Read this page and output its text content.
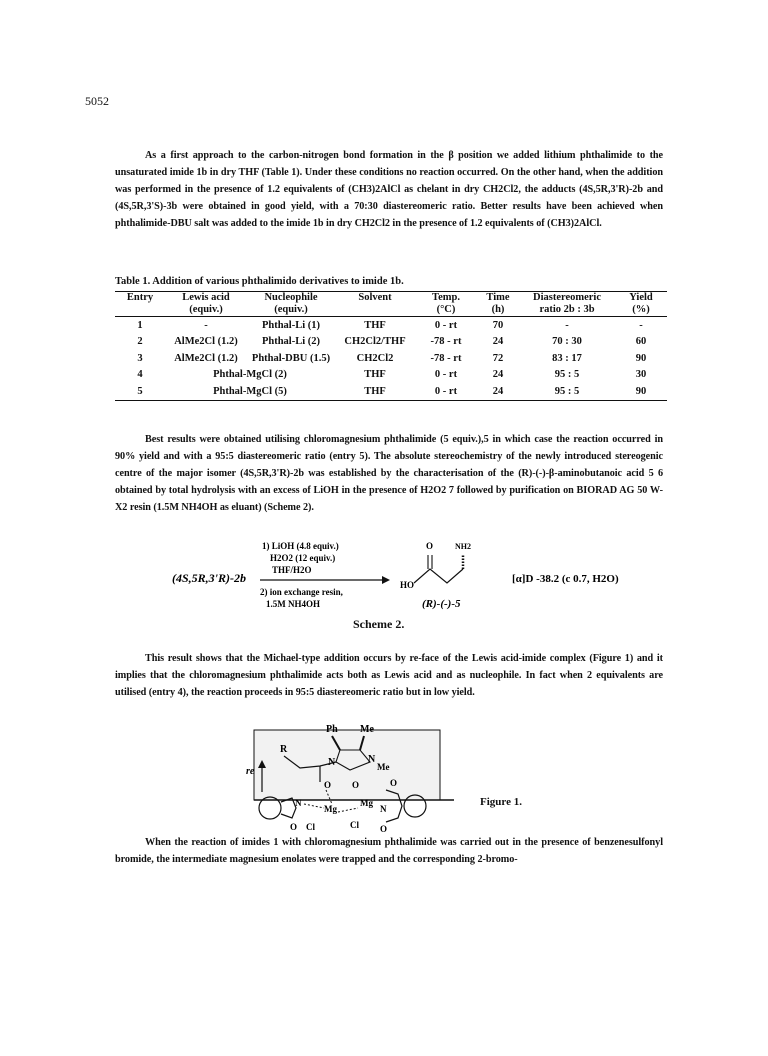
5052

As a first approach to the carbon-nitrogen bond formation in the β position we added lithium phthalimide to the unsaturated imide 1b in dry THF (Table 1). Under these conditions no reaction occurred. On the other hand, when the addition was performed in the presence of 1.2 equivalents of (CH3)2AlCl as chelant in dry CH2Cl2, the adducts (4S,5R,3'R)-2b and (4S,5R,3'S)-3b were obtained in good yield, with a 70:30 diastereomeric ratio. Better results have been achieved when phthalimide-DBU salt was added to the imide 1b in dry CH2Cl2 in the presence of 1.2 equivalents of (CH3)2AlCl.

Table 1. Addition of various phthalimido derivatives to imide 1b.
Entry	Lewis acid	Nucleophile	Solvent	Temp.	Time	Diastereomeric	Yield
	(equiv.)	(equiv.)		(°C)	(h)	ratio 2b : 3b	(%)
1	-	Phthal-Li (1)	THF	0 - rt	70	-	-
2	AlMe2Cl (1.2)	Phthal-Li (2)	CH2Cl2/THF	-78 - rt	24	70 : 30	60
3	AlMe2Cl (1.2)	Phthal-DBU (1.5)	CH2Cl2	-78 - rt	72	83 : 17	90
4	Phthal-MgCl (2)		THF	0 - rt	24	95 : 5	30
5	Phthal-MgCl (5)		THF	0 - rt	24	95 : 5	90

Best results were obtained utilising chloromagnesium phthalimide (5 equiv.),5 in which case the reaction occurred in 90% yield and with a 95:5 diastereomeric ratio (entry 5). The absolute stereochemistry of the newly introduced stereogenic centre of the major isomer (4S,5R,3'R)-2b was established by the characterisation of the (R)-(-)-β-aminobutanoic acid 5 6 obtained by total hydrolysis with an excess of LiOH in the presence of H2O2 7 followed by purification on BIORAD AG 50 W-X2 resin (1.5M NH4OH as eluant) (Scheme 2).

(4S,5R,3'R)-2b
1) LiOH (4.8 equiv.)
H2O2 (12 equiv.)
THF/H2O
2) ion exchange resin,
1.5M NH4OH
HO
O	NH2
(R)-(-)-5
[α]D -38.2 (c 0.7, H2O)
Scheme 2.

This result shows that the Michael-type addition occurs by re-face of the Lewis acid-imide complex (Figure 1) and it implies that the chloromagnesium phthalimide acts both as Lewis acid and as nucleophile. In fact when 2 equivalents are utilised (entry 4), the reaction proceeds in 95:5 diastereomeric ratio but in low yield.

re
Ph Me
N	N
Me
R
O O
N
O
Mg
Cl
Mg
Cl
O
N
O
Figure 1.

When the reaction of imides 1 with chloromagnesium phthalimide was carried out in the presence of benzenesulfonyl bromide, the intermediate magnesium enolates were trapped and the corresponding 2-bromo-
